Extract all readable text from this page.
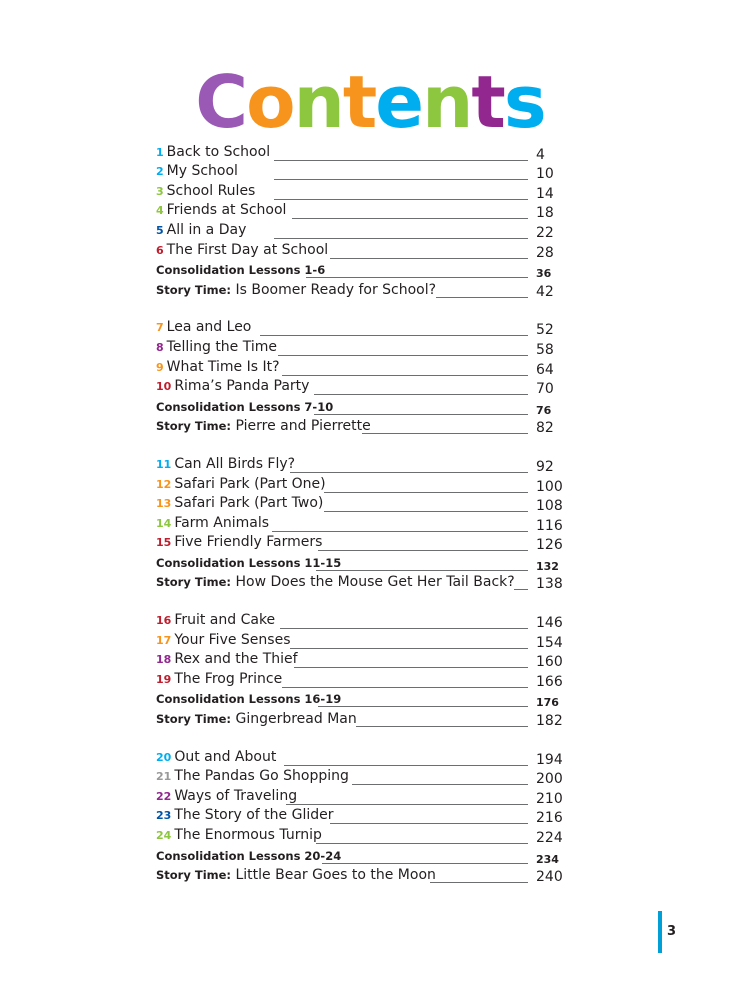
Contents
1 Back to School	4
2 My School	10
3 School Rules	14
4 Friends at School	18
5 All in a Day	22
6 The First Day at School	28
Consolidation Lessons 1-6	36
Story Time: Is Boomer Ready for School?	42
7 Lea and Leo	52
8 Telling the Time	58
9 What Time Is It?	64
10 Rima’s Panda Party	70
Consolidation Lessons 7-10	76
Story Time: Pierre and Pierrette	82
11 Can All Birds Fly?	92
12 Safari Park (Part One)	100
13 Safari Park (Part Two)	108
14 Farm Animals	116
15 Five Friendly Farmers	126
Consolidation Lessons 11-15	132
Story Time: How Does the Mouse Get Her Tail Back? 138
16 Fruit and Cake	146
17 Your Five Senses	154
18 Rex and the Thief	160
19 The Frog Prince	166
Consolidation Lessons 16-19	176
Story Time: Gingerbread Man	182
20 Out and About	194
21 The Pandas Go Shopping	200
22 Ways of Traveling	210
23 The Story of the Glider	216
24 The Enormous Turnip	224
Consolidation Lessons 20-24	234
Story Time: Little Bear Goes to the Moon	240
3
